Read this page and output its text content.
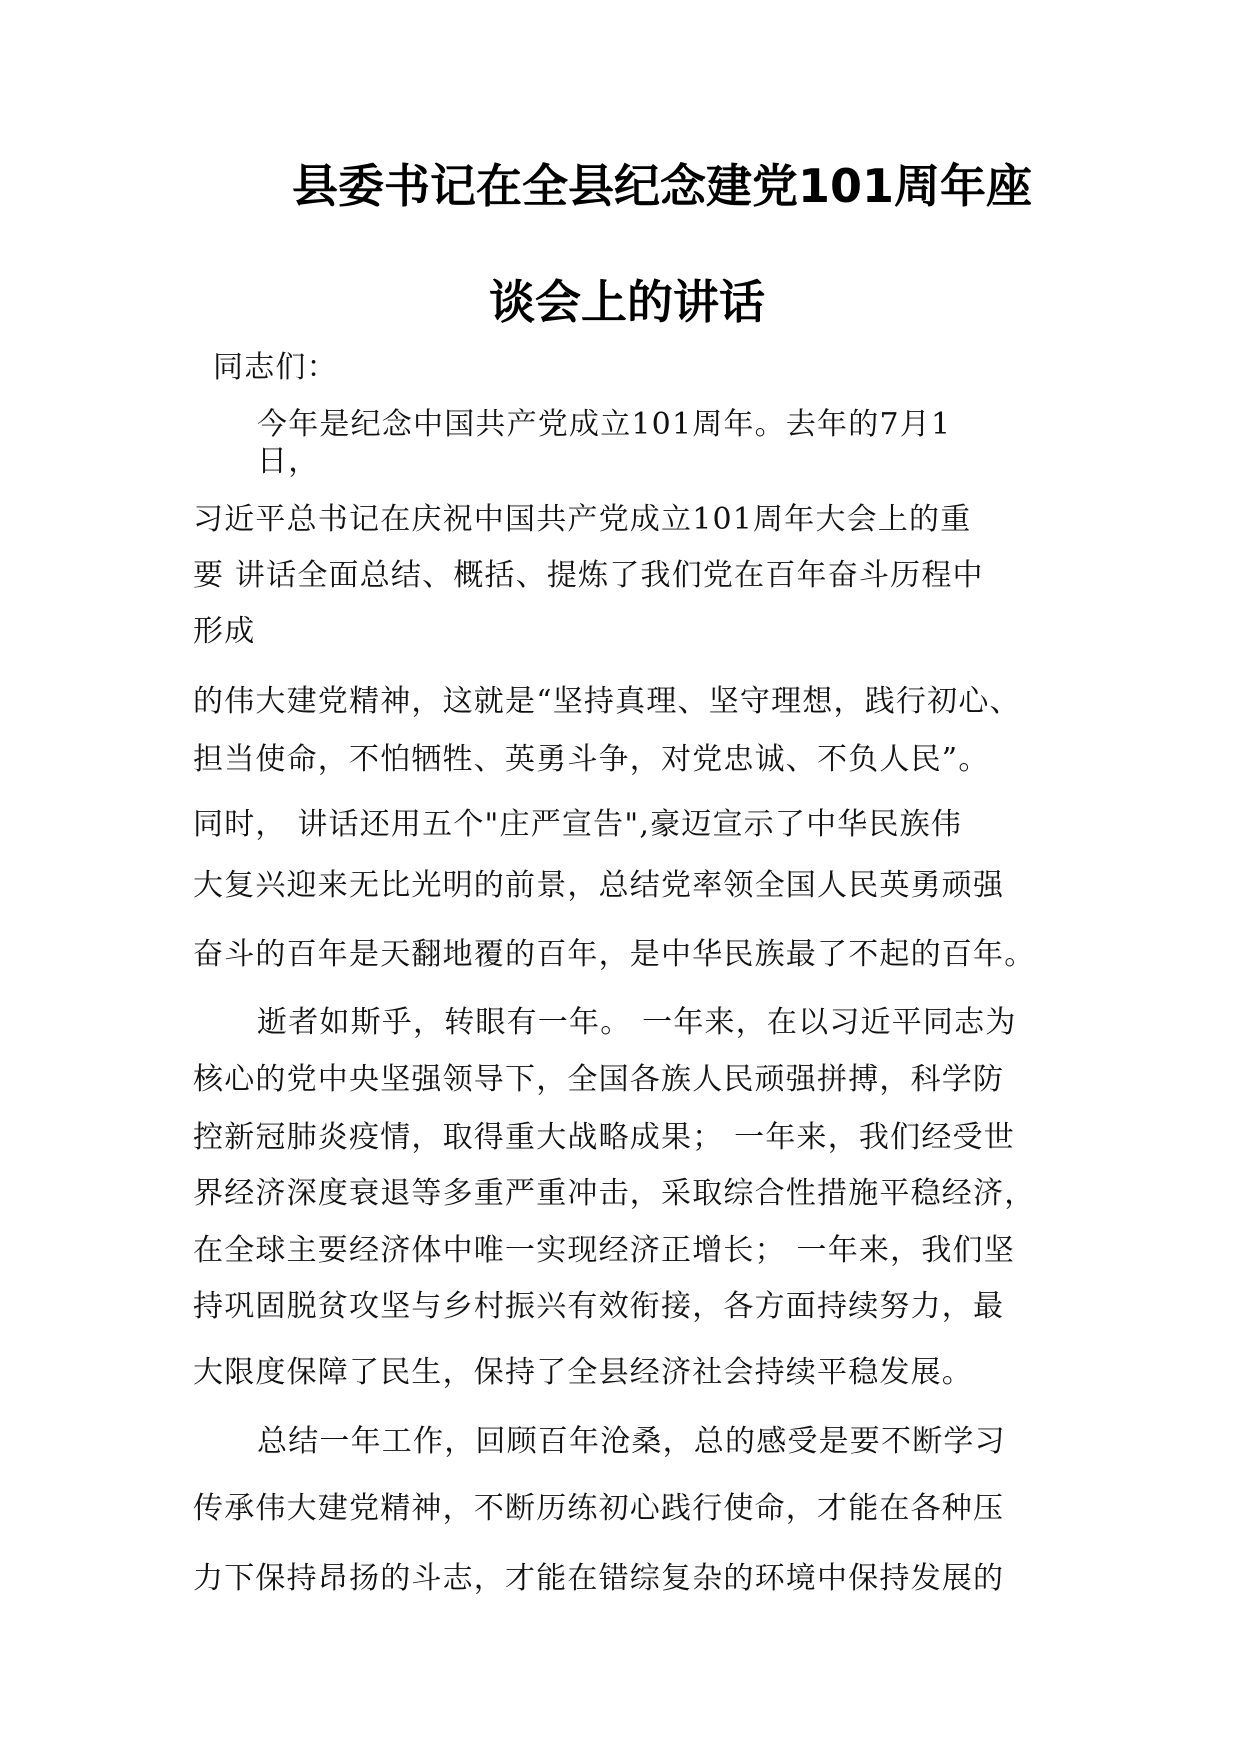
县委书记在全县纪念建党101周年座
谈会上的讲话
同志们：
今年是纪念中国共产党成立101周年。去年的7月1
日，
习近平总书记在庆祝中国共产党成立101周年大会上的重
要 讲话全面总结、概括、提炼了我们党在百年奋斗历程中
形成
的伟大建党精神，这就是“坚持真理、坚守理想，践行初心、
担当使命，不怕牺牲、英勇斗争，对党忠诚、不负人民”。
同时， 讲话还用五个"庄严宣告",豪迈宣示了中华民族伟
大复兴迎来无比光明的前景，总结党率领全国人民英勇顽强
奋斗的百年是天翻地覆的百年，是中华民族最了不起的百年。
逝者如斯乎，转眼有一年。 一年来，在以习近平同志为
核心的党中央坚强领导下，全国各族人民顽强拼搏，科学防
控新冠肺炎疫情，取得重大战略成果； 一年来，我们经受世
界经济深度衰退等多重严重冲击，采取综合性措施平稳经济，
在全球主要经济体中唯一实现经济正增长； 一年来，我们坚
持巩固脱贫攻坚与乡村振兴有效衔接，各方面持续努力，最
大限度保障了民生，保持了全县经济社会持续平稳发展。
总结一年工作，回顾百年沧桑，总的感受是要不断学习
传承伟大建党精神，不断历练初心践行使命，才能在各种压
力下保持昂扬的斗志，才能在错综复杂的环境中保持发展的
